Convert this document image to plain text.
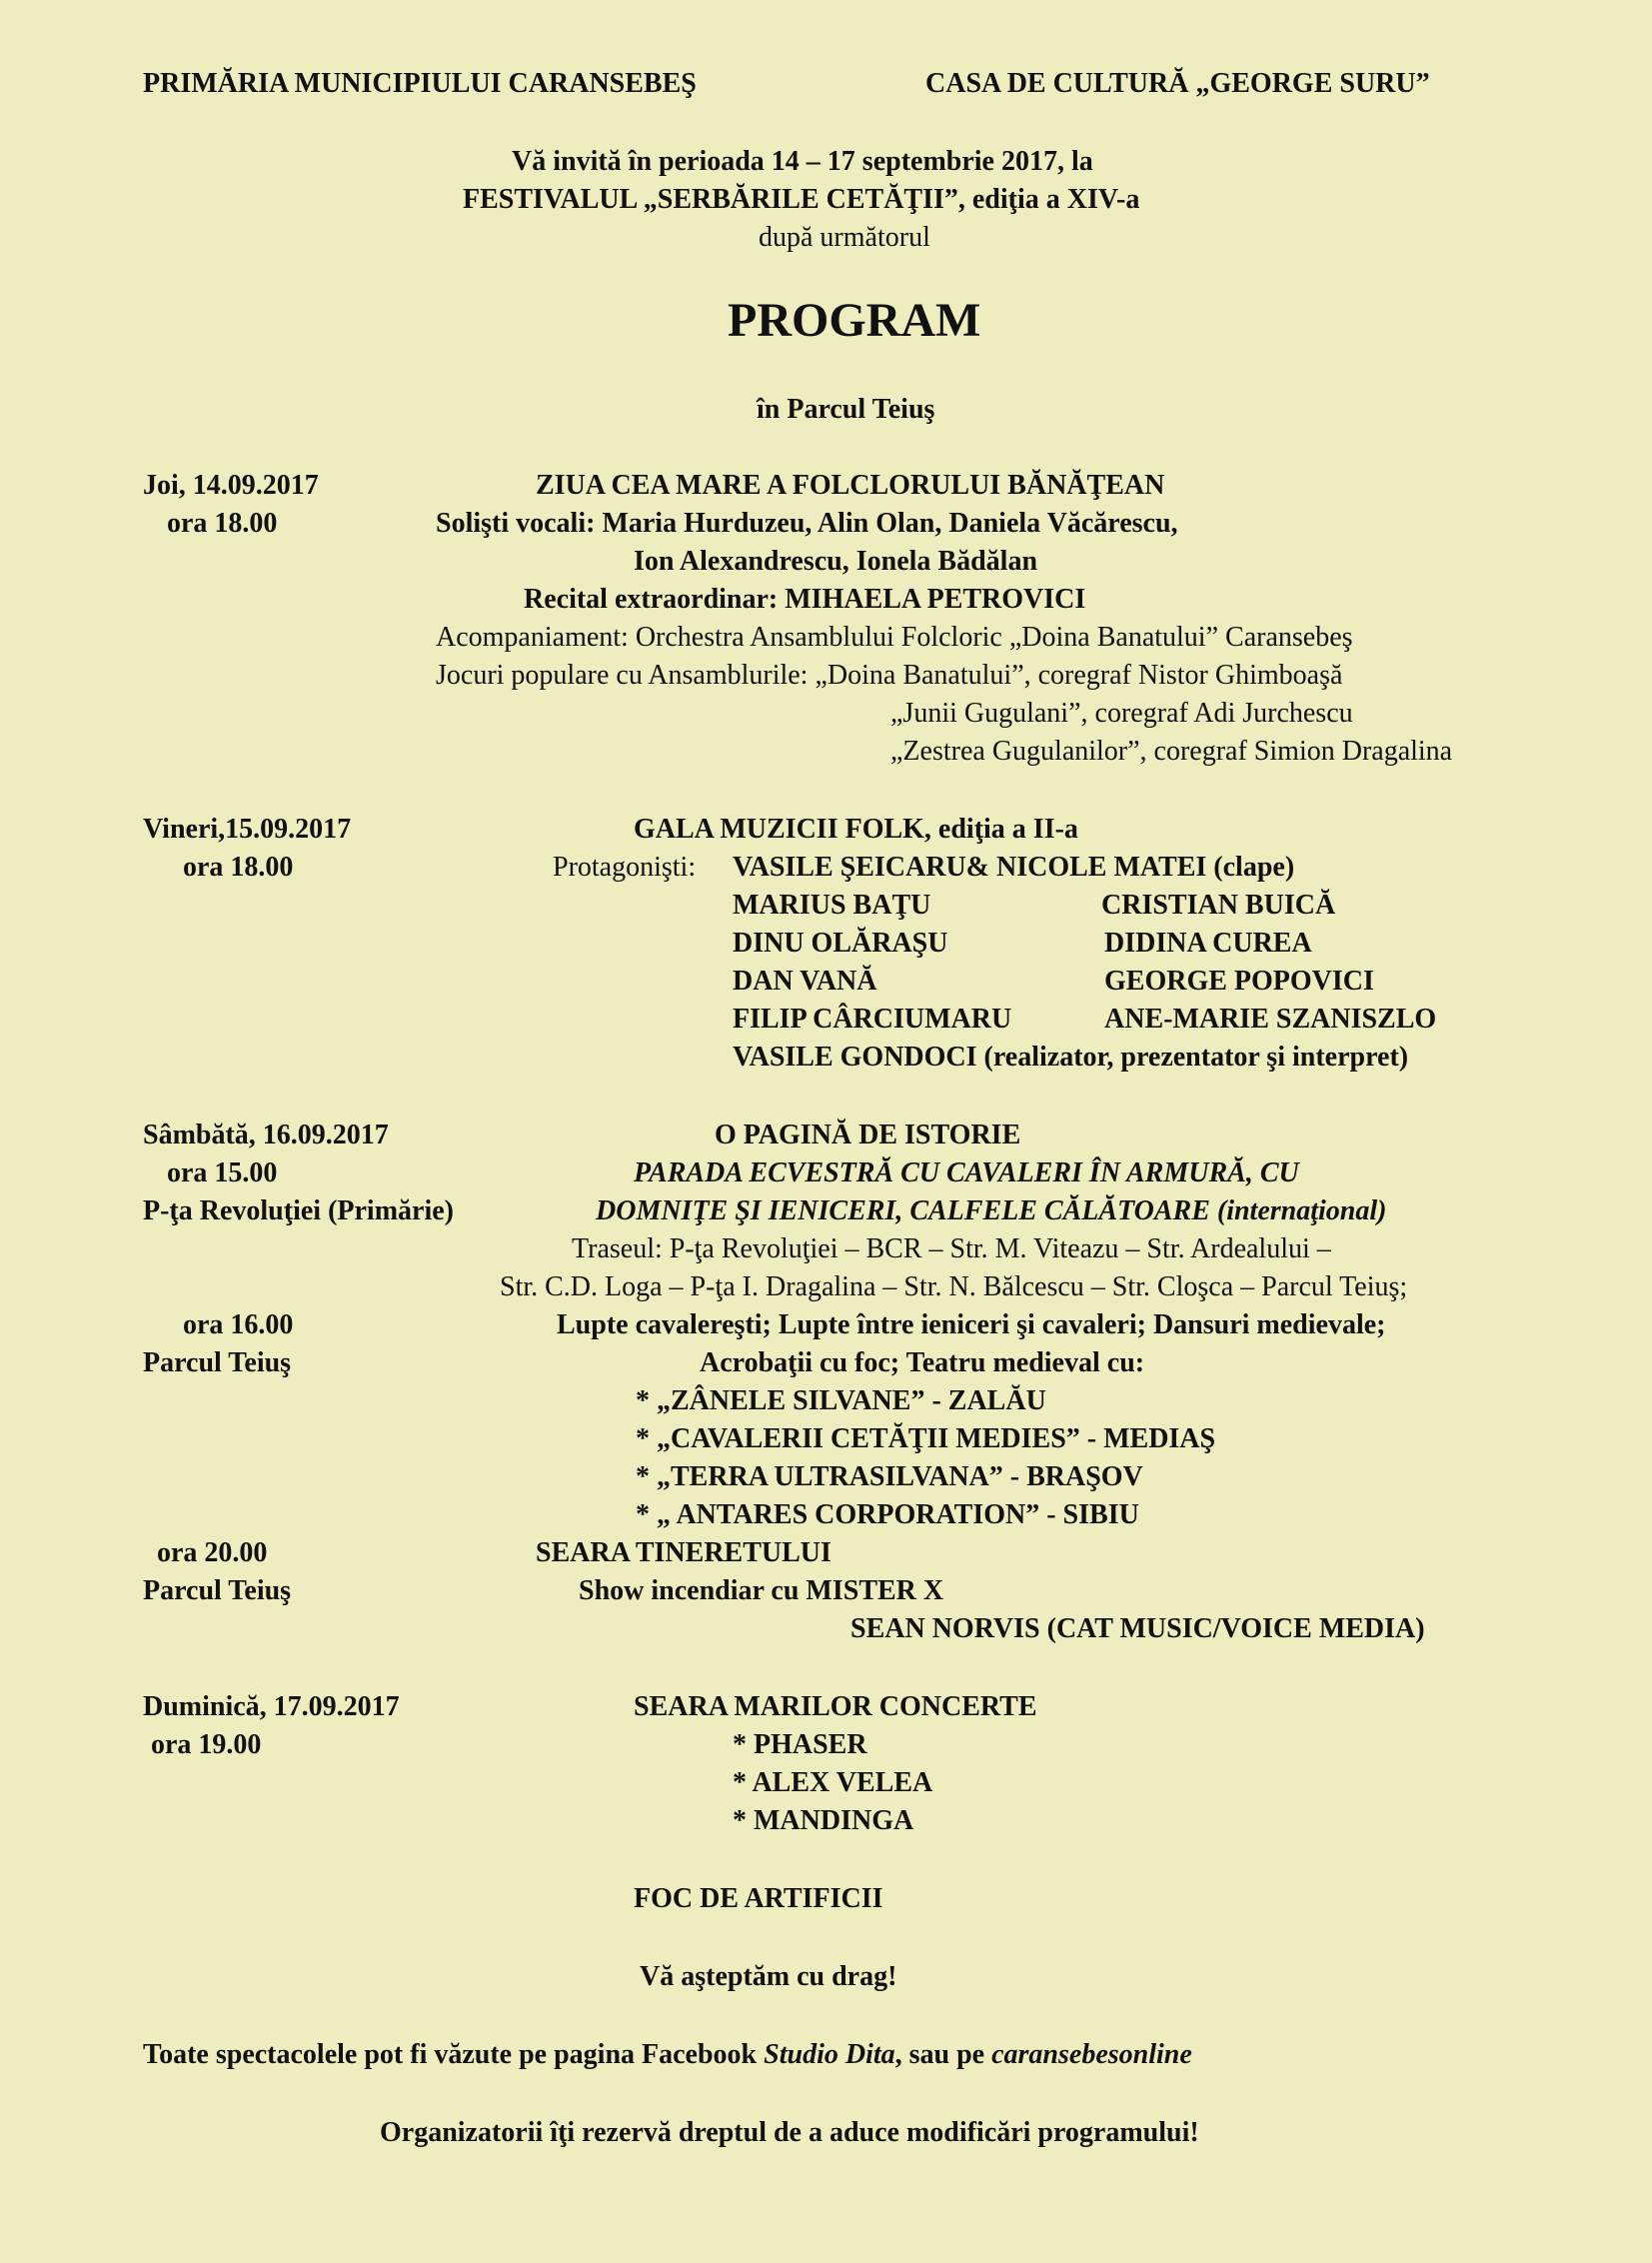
PRIMĂRIA MUNICIPIULUI CARANSEBEŞ	CASA DE CULTURĂ „GEORGE SURU”
Vă invită în perioada 14 – 17 septembrie 2017, la
FESTIVALUL „SERBĂRILE CETĂŢII”, ediţia a XIV-a
după următorul
PROGRAM
în Parcul Teiuş
Joi, 14.09.2017	ZIUA CEA MARE A FOLCLORULUI BĂNĂŢEAN
ora 18.00	Solişti vocali: Maria Hurduzeu, Alin Olan, Daniela Văcărescu,
Ion Alexandrescu, Ionela Bădălan
Recital extraordinar: MIHAELA PETROVICI
Acompaniament: Orchestra Ansamblului Folcloric „Doina Banatului” Caransebeş
Jocuri populare cu Ansamblurile: „Doina Banatului”, coregraf Nistor Ghimboaşă
„Junii Gugulani”, coregraf Adi Jurchescu
„Zestrea Gugulanilor”, coregraf Simion Dragalina
Vineri,15.09.2017	GALA MUZICII FOLK, ediţia a II-a
ora 18.00	Protagonişti: VASILE ŞEICARU& NICOLE MATEI (clape)
MARIUS BAŢU	CRISTIAN BUICĂ
DINU OLĂRAŞU	DIDINA CUREA
DAN VANĂ	GEORGE POPOVICI
FILIP CÂRCIUMARU	ANE-MARIE SZANISZLO
VASILE GONDOCI (realizator, prezentator şi interpret)
Sâmbătă, 16.09.2017	O PAGINĂ DE ISTORIE
ora 15.00	PARADA ECVESTRĂ CU CAVALERI ÎN ARMURĂ, CU
P-ţa Revoluţiei (Primărie)	DOMNIŢE ŞI IENICERI, CALFELE CĂLĂTOARE (internaţional)
Traseul: P-ţa Revoluţiei – BCR – Str. M. Viteazu – Str. Ardealului –
Str. C.D. Loga – P-ţa I. Dragalina – Str. N. Bălcescu – Str. Cloşca – Parcul Teiuş;
ora 16.00	Lupte cavalereşti; Lupte între ieniceri şi cavaleri; Dansuri medievale;
Parcul Teiuş	Acrobaţii cu foc; Teatru medieval cu:
* „ZÂNELE SILVANE” - ZALĂU
* „CAVALERII CETĂŢII MEDIES” - MEDIAŞ
* „TERRA ULTRASILVANA” - BRAŞOV
* „ ANTARES CORPORATION” - SIBIU
ora 20.00	SEARA TINERETULUI
Parcul Teiuş	Show incendiar cu MISTER X
SEAN NORVIS (CAT MUSIC/VOICE MEDIA)
Duminică, 17.09.2017	SEARA MARILOR CONCERTE
ora 19.00	* PHASER
* ALEX VELEA
* MANDINGA
FOC DE ARTIFICII
Vă aşteptăm cu drag!
Toate spectacolele pot fi văzute pe pagina Facebook Studio Dita, sau pe caransebesonline
Organizatorii îţi rezervă dreptul de a aduce modificări programului!
